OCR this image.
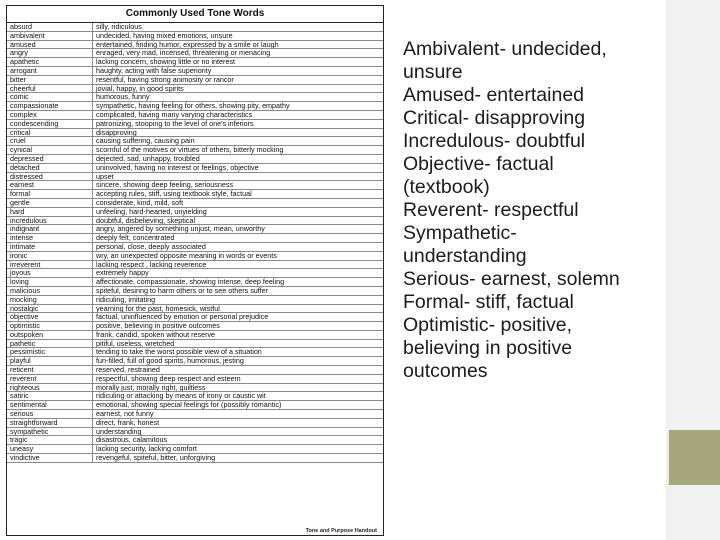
Commonly Used Tone Words
absurd	silly, ridiculous
ambivalent	undecided, having mixed emotions, unsure
amused	entertained, finding humor, expressed by a smile or laugh
angry	enraged, very mad, incensed, threatening or menacing
apathetic	lacking concern, showing little or no interest
arrogant	haughty, acting with false superiority
bitter	resentful, having strong animosity or rancor
cheerful	jovial, happy, in good spirits
comic	humorous, funny
compassionate	sympathetic, having feeling for others, showing pity, empathy
complex	complicated, having many varying characteristics
condescending	patronizing, stooping to the level of one's inferiors
critical	disapproving
cruel	causing suffering, causing pain
cynical	scornful of the motives or virtues of others, bitterly mocking
depressed	dejected, sad, unhappy, troubled
detached	uninvolved, having no interest or feelings, objective
distressed	upset
earnest	sincere, showing deep feeling, seriousness
formal	accepting rules, stiff, using textbook style, factual
gentle	considerate, kind, mild, soft
hard	unfeeling, hard-hearted, unyielding
incredulous	doubtful, disbelieving, skeptical
indignant	angry, angered by something unjust, mean, unworthy
intense	deeply felt, concentrated
intimate	personal, close, deeply associated
ironic	wry, an unexpected opposite meaning in words or events
irreverent	lacking respect , lacking reverence
joyous	extremely happy
loving	affectionate, compassionate, showing intense, deep feeling
malicious	spiteful, desiring to harm others or to see others suffer
mocking	ridiculing, imitating
nostalgic	yearning for the past, homesick, wistful
objective	factual, uninfluenced by emotion or personal prejudice
optimistic	positive, believing in positive outcomes
outspoken	frank, candid, spoken without reserve
pathetic	pitiful, useless, wretched
pessimistic	tending to take the worst possible view of a situation
playful	fun-filled, full of good spirits, humorous, jesting
reticent	reserved, restrained
reverent	respectful, showing deep respect and esteem
righteous	morally just, morally right, guiltless
satiric	ridiculing or attacking by means of irony or caustic wit
sentimental	emotional, showing special feelings for (possibly romantic)
serious	earnest, not funny
straightforward	direct, frank, honest
sympathetic	understanding
tragic	disastrous, calamitous
uneasy	lacking security, lacking comfort
vindictive	revengeful, spiteful, bitter, unforgiving
Tone and Purpose Handout
Ambivalent- undecided,
unsure
Amused- entertained
Critical- disapproving
Incredulous- doubtful
Objective- factual
(textbook)
Reverent- respectful
Sympathetic-
understanding
Serious- earnest, solemn
Formal- stiff, factual
Optimistic- positive,
believing in positive
outcomes
